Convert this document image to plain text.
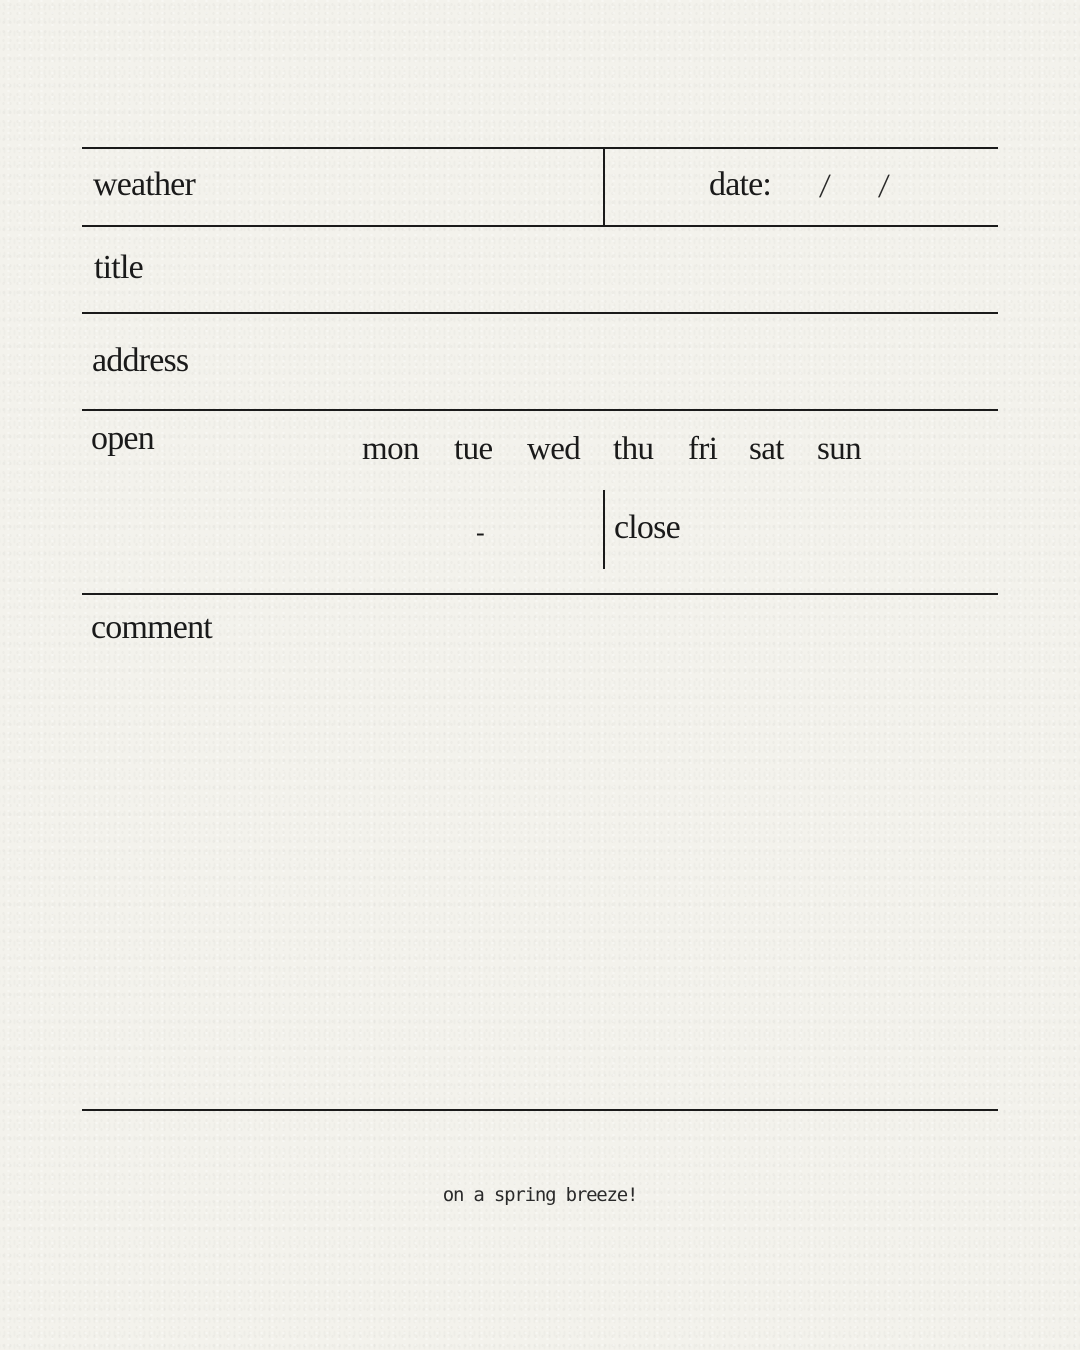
weather	date: / /
title
address
open	mon tue wed thu fri sat sun
-	close
comment
on a spring breeze!
